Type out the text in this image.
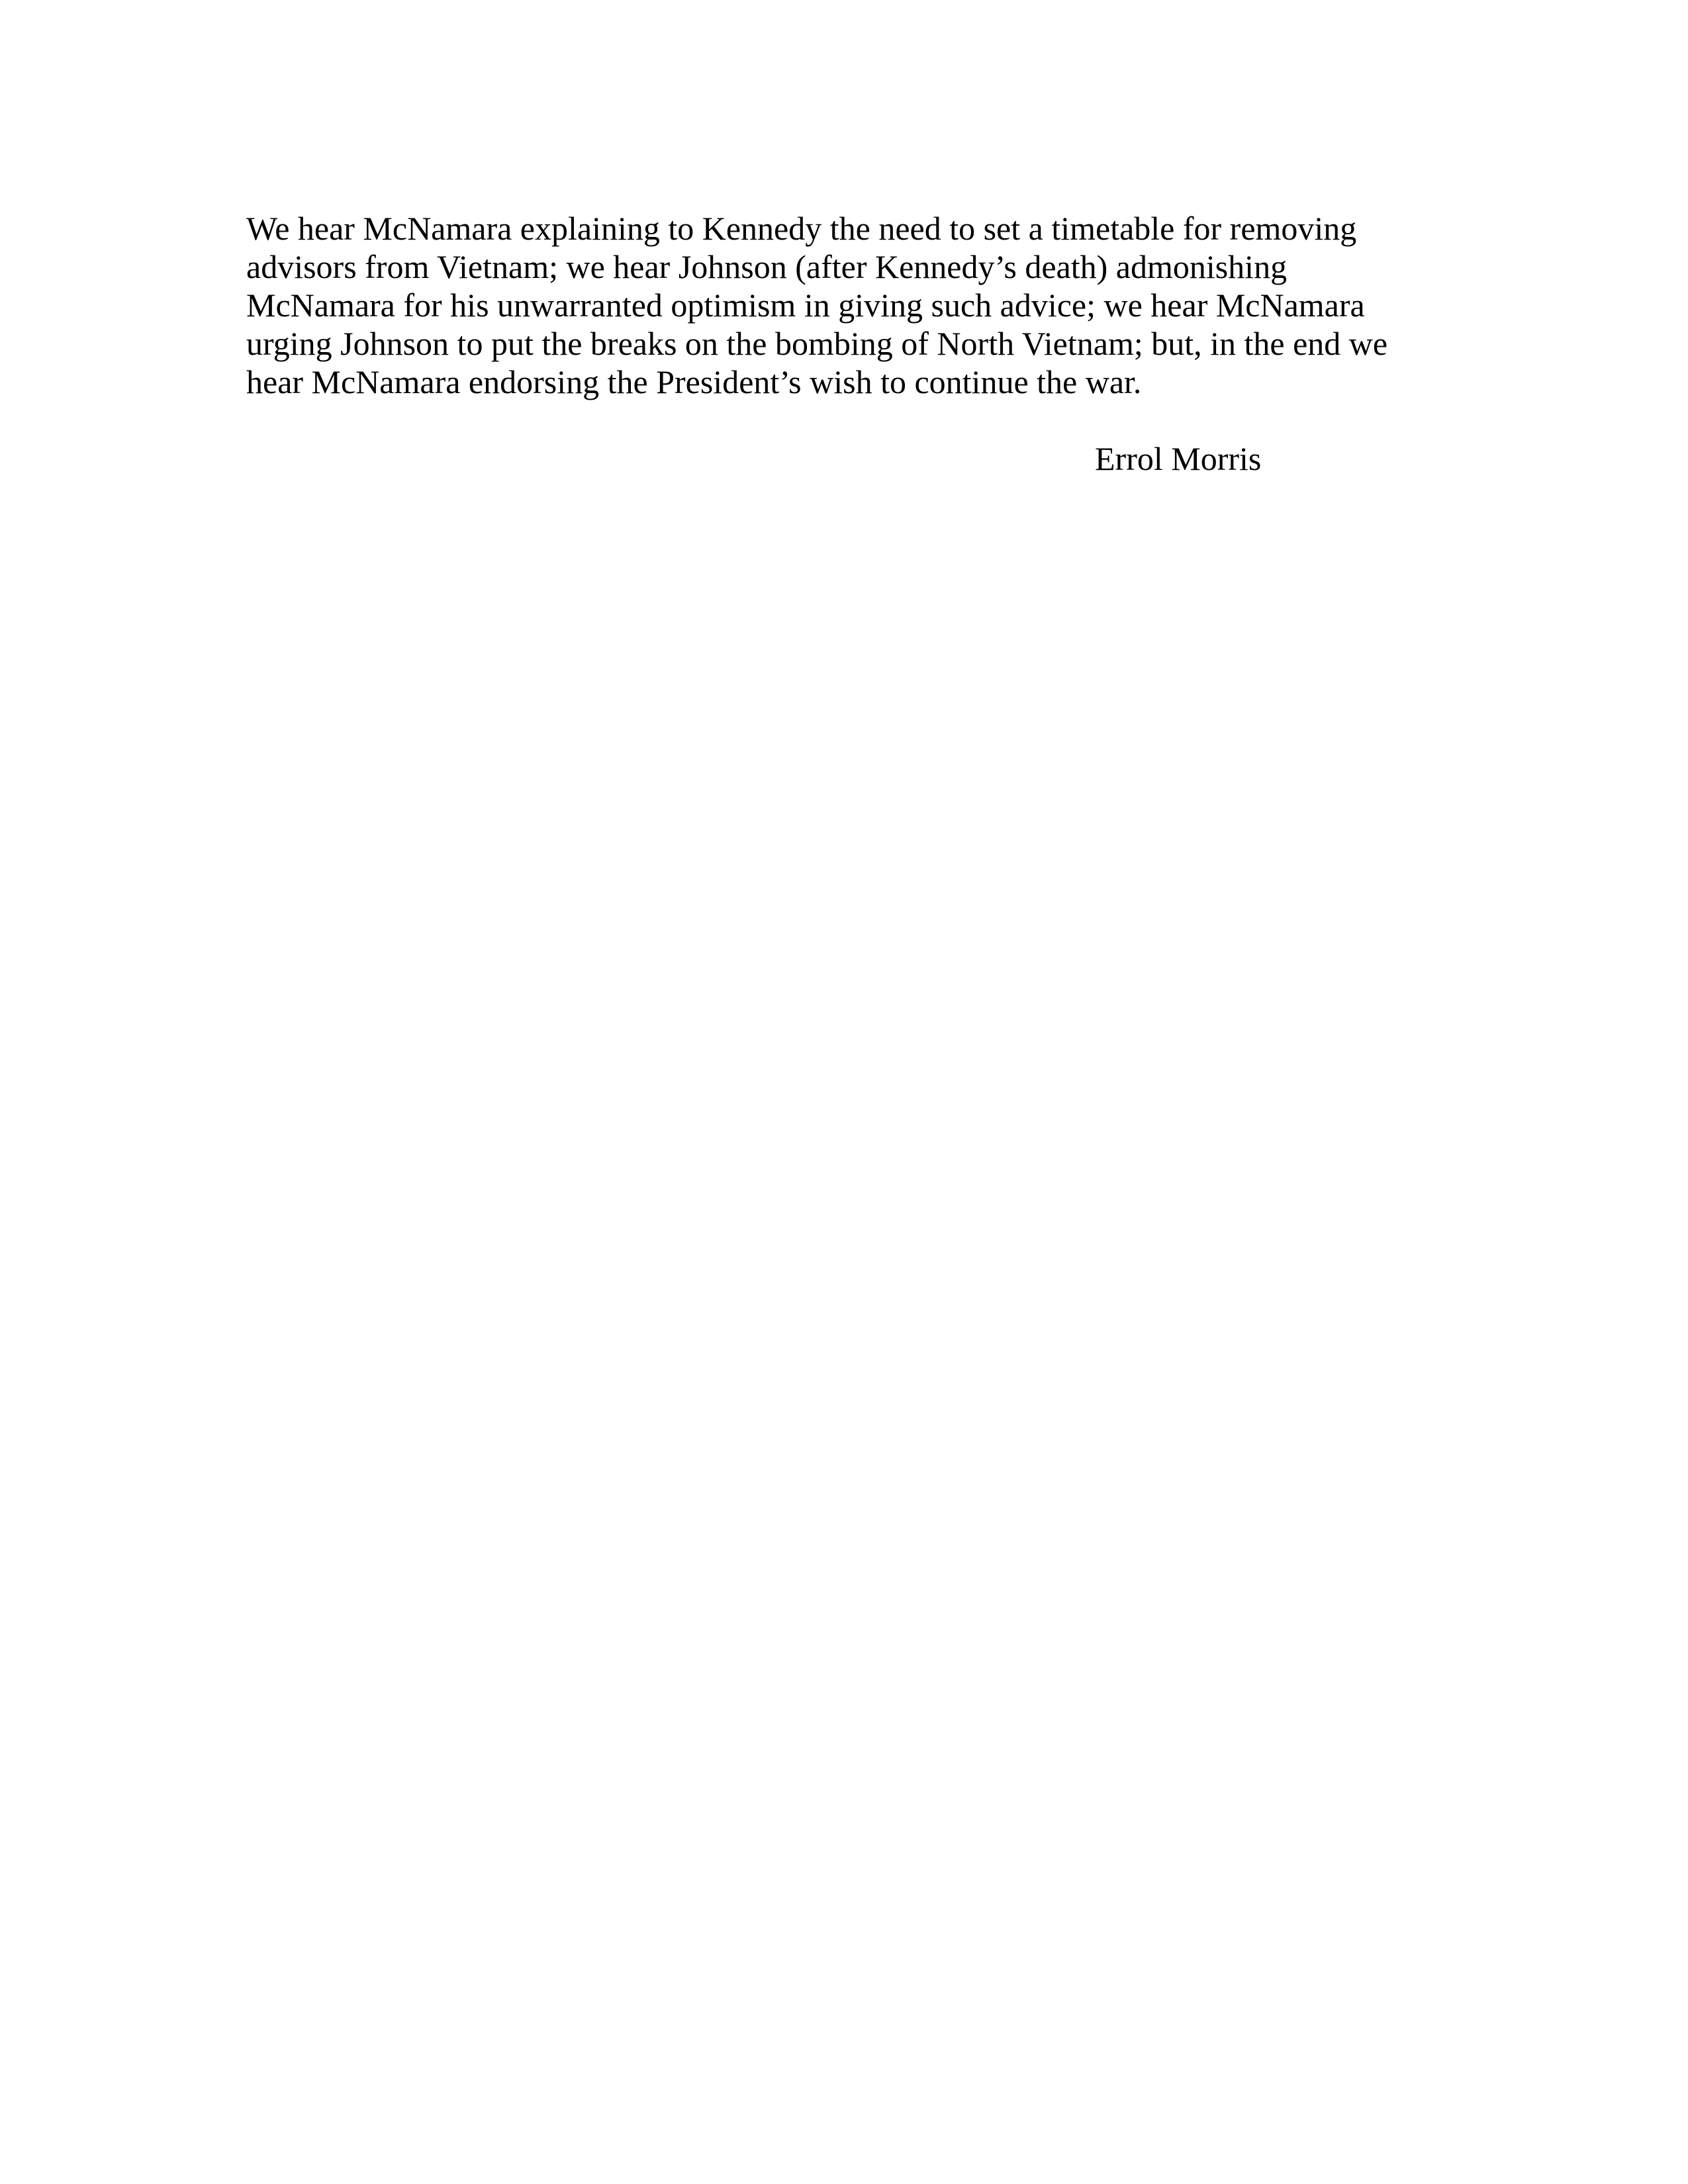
We hear McNamara explaining to Kennedy the need to set a timetable for removing
advisors from Vietnam; we hear Johnson (after Kennedy’s death) admonishing
McNamara for his unwarranted optimism in giving such advice; we hear McNamara
urging Johnson to put the breaks on the bombing of North Vietnam; but, in the end we
hear McNamara endorsing the President’s wish to continue the war.

Errol Morris
